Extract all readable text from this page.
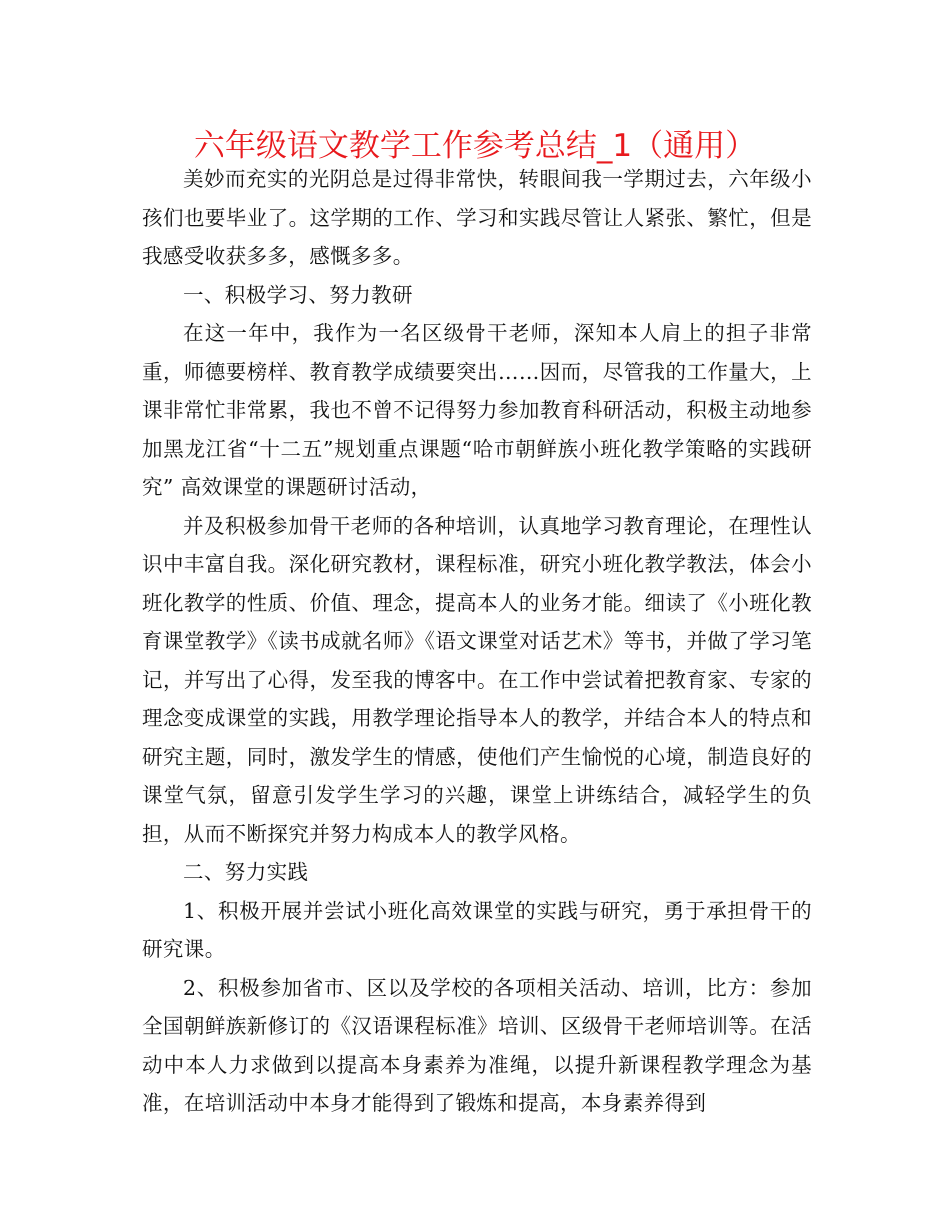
六年级语文教学工作参考总结_1（通用）

美妙而充实的光阴总是过得非常快，转眼间我一学期过去，六年级小孩们也要毕业了。这学期的工作、学习和实践尽管让人紧张、繁忙，但是我感受收获多多，感慨多多。

一、积极学习、努力教研

在这一年中，我作为一名区级骨干老师，深知本人肩上的担子非常重，师德要榜样、教育教学成绩要突出……因而，尽管我的工作量大，上课非常忙非常累，我也不曾不记得努力参加教育科研活动，积极主动地参加黑龙江省“十二五”规划重点课题“哈市朝鲜族小班化教学策略的实践研究” 高效课堂的课题研讨活动，

并及积极参加骨干老师的各种培训，认真地学习教育理论，在理性认识中丰富自我。深化研究教材，课程标准，研究小班化教学教法，体会小班化教学的性质、价值、理念，提高本人的业务才能。细读了《小班化教育课堂教学》《读书成就名师》《语文课堂对话艺术》等书，并做了学习笔记，并写出了心得，发至我的博客中。在工作中尝试着把教育家、专家的理念变成课堂的实践，用教学理论指导本人的教学，并结合本人的特点和研究主题，同时，激发学生的情感，使他们产生愉悦的心境，制造良好的课堂气氛，留意引发学生学习的兴趣，课堂上讲练结合，减轻学生的负担，从而不断探究并努力构成本人的教学风格。

二、努力实践

1、积极开展并尝试小班化高效课堂的实践与研究，勇于承担骨干的研究课。

2、积极参加省市、区以及学校的各项相关活动、培训，比方：参加全国朝鲜族新修订的《汉语课程标准》培训、区级骨干老师培训等。在活动中本人力求做到以提高本身素养为准绳，以提升新课程教学理念为基准，在培训活动中本身才能得到了锻炼和提高，本身素养得到
